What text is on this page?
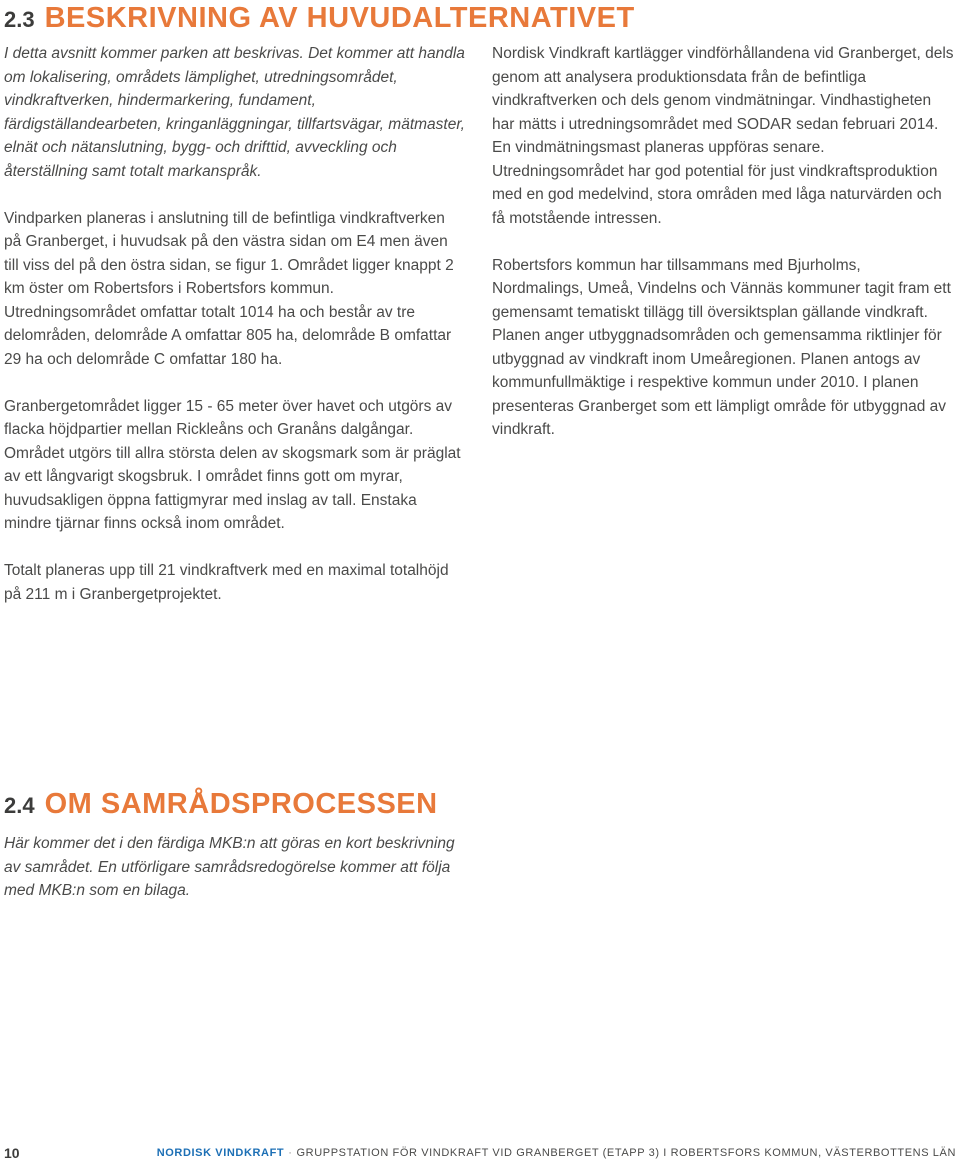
2.3 BESKRIVNING AV HUVUDALTERNATIVET

I detta avsnitt kommer parken att beskrivas. Det kommer att handla om lokalisering, områdets lämplighet, utredningsområdet, vindkraftverken, hindermarkering, fundament, färdigställandearbeten, kringanläggningar, tillfartsvägar, mätmaster, elnät och nätanslutning, bygg- och drifttid, avveckling och återställning samt totalt markanspråk.

Vindparken planeras i anslutning till de befintliga vindkraftverken på Granberget, i huvudsak på den västra sidan om E4 men även till viss del på den östra sidan, se figur 1. Området ligger knappt 2 km öster om Robertsfors i Robertsfors kommun. Utredningsområdet omfattar totalt 1014 ha och består av tre delområden, delområde A omfattar 805 ha, delområde B omfattar 29 ha och delområde C omfattar 180 ha.

Granbergetområdet ligger 15 - 65 meter över havet och utgörs av flacka höjdpartier mellan Rickleåns och Granåns dalgångar. Området utgörs till allra största delen av skogsmark som är präglat av ett långvarigt skogsbruk. I området finns gott om myrar, huvudsakligen öppna fattigmyrar med inslag av tall. Enstaka mindre tjärnar finns också inom området.

Totalt planeras upp till 21 vindkraftverk med en maximal totalhöjd på 211 m i Granbergetprojektet.

Nordisk Vindkraft kartlägger vindförhållandena vid Granberget, dels genom att analysera produktionsdata från de befintliga vindkraftverken och dels genom vindmätningar. Vindhastigheten har mätts i utredningsområdet med SODAR sedan februari 2014. En vindmätningsmast planeras uppföras senare. Utredningsområdet har god potential för just vindkraftsproduktion med en god medelvind, stora områden med låga naturvärden och få motstående intressen.

Robertsfors kommun har tillsammans med Bjurholms, Nordmalings, Umeå, Vindelns och Vännäs kommuner tagit fram ett gemensamt tematiskt tillägg till översiktsplan gällande vindkraft. Planen anger utbyggnadsområden och gemensamma riktlinjer för utbyggnad av vindkraft inom Umeåregionen. Planen antogs av kommunfullmäktige i respektive kommun under 2010. I planen presenteras Granberget som ett lämpligt område för utbyggnad av vindkraft.

2.4 OM SAMRÅDSPROCESSEN

Här kommer det i den färdiga MKB:n att göras en kort beskrivning av samrådet. En utförligare samrådsredogörelse kommer att följa med MKB:n som en bilaga.

10	NORDISK VINDKRAFT · GRUPPSTATION FÖR VINDKRAFT VID GRANBERGET (ETAPP 3) I ROBERTSFORS KOMMUN, VÄSTERBOTTENS LÄN
